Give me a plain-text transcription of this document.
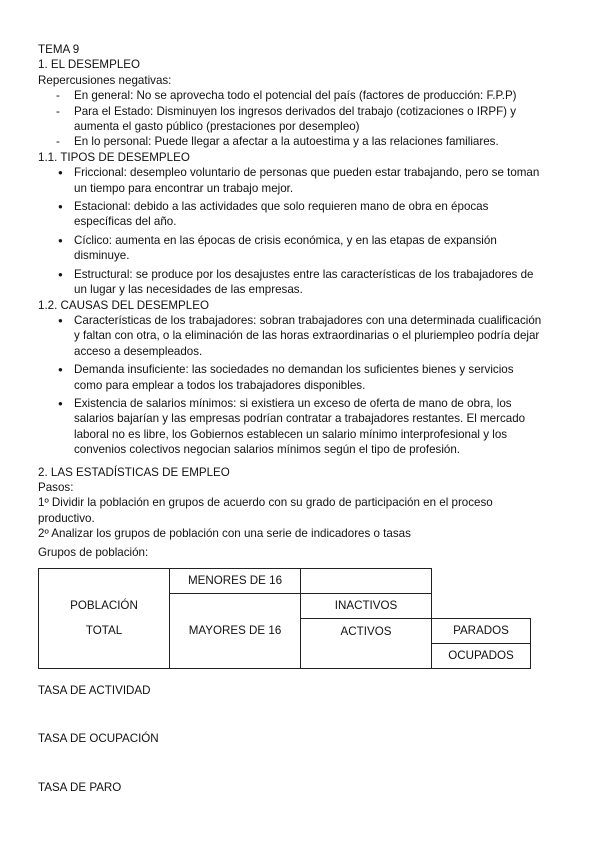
TEMA 9
1. EL DESEMPLEO
Repercusiones negativas:
- En general: No se aprovecha todo el potencial del país (factores de producción: F.P.P)
- Para el Estado: Disminuyen los ingresos derivados del trabajo (cotizaciones o IRPF) y
aumenta el gasto público (prestaciones por desempleo)
- En lo personal: Puede llegar a afectar a la autoestima y a las relaciones familiares.
1.1. TIPOS DE DESEMPLEO
● Friccional: desempleo voluntario de personas que pueden estar trabajando, pero se toman
un tiempo para encontrar un trabajo mejor.
● Estacional: debido a las actividades que solo requieren mano de obra en épocas
específicas del año.
● Cíclico: aumenta en las épocas de crisis económica, y en las etapas de expansión
disminuye.
● Estructural: se produce por los desajustes entre las características de los trabajadores de
un lugar y las necesidades de las empresas.
1.2. CAUSAS DEL DESEMPLEO
● Características de los trabajadores: sobran trabajadores con una determinada cualificación
y faltan con otra, o la eliminación de las horas extraordinarias o el pluriempleo podría dejar
acceso a desempleados.
● Demanda insuficiente: las sociedades no demandan los suficientes bienes y servicios
como para emplear a todos los trabajadores disponibles.
● Existencia de salarios mínimos: si existiera un exceso de oferta de mano de obra, los
salarios bajarían y las empresas podrían contratar a trabajadores restantes. El mercado
laboral no es libre, los Gobiernos establecen un salario mínimo interprofesional y los
convenios colectivos negocian salarios mínimos según el tipo de profesión.
2. LAS ESTADÍSTICAS DE EMPLEO
Pasos:
1º Dividir la población en grupos de acuerdo con su grado de participación en el proceso
productivo.
2º Analizar los grupos de población con una serie de indicadores o tasas
Grupos de población:
	MENORES DE 16		
POBLACIÓN		INACTIVOS	
TOTAL	MAYORES DE 16	ACTIVOS	PARADOS
			OCUPADOS
TASA DE ACTIVIDAD
TASA DE OCUPACIÓN
TASA DE PARO
